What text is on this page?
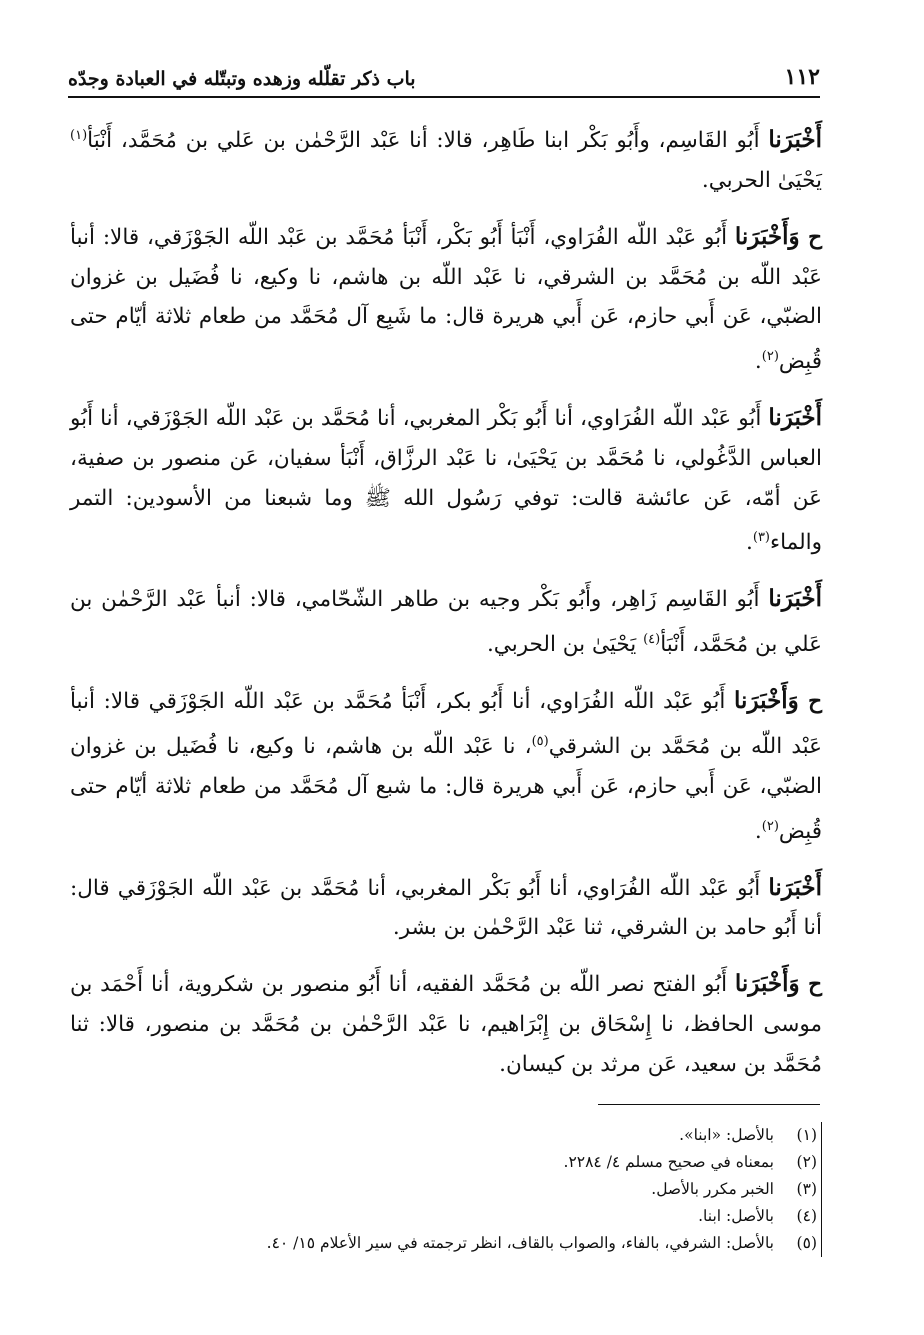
١١٢
باب ذكر تقلّله وزهده وتبتّله في العبادة وجدّه

أَخْبَرَنا أَبُو القَاسِم، وأَبُو بَكْر ابنا طَاهِر، قالا: أنا عَبْد الرَّحْمٰن بن عَلي بن مُحَمَّد، أَنْبَأ$^{(١)}$ يَحْيَىٰ الحربي.

ح وَأَخْبَرَنا أَبُو عَبْد اللّه الفُرَاوي، أَنْبَأ أَبُو بَكْر، أَنْبَأ مُحَمَّد بن عَبْد اللّه الجَوْزَقي، قالا: أنبأ عَبْد اللّه بن مُحَمَّد بن الشرقي، نا عَبْد اللّه بن هاشم، نا وكيع، نا فُضَيل بن غزوان الضبّي، عَن أَبي حازم، عَن أَبي هريرة قال: ما شَبِع آل مُحَمَّد من طعام ثلاثة أيّام حتى قُبِض$^{(٢)}$.

أَخْبَرَنا أَبُو عَبْد اللّه الفُرَاوي، أنا أَبُو بَكْر المغربي، أنا مُحَمَّد بن عَبْد اللّه الجَوْزَقي، أنا أَبُو العباس الدَّغُولي، نا مُحَمَّد بن يَحْيَىٰ، نا عَبْد الرزَّاق، أَنْبَأ سفيان، عَن منصور بن صفية، عَن أمّه، عَن عائشة قالت: توفي رَسُول الله ﷺ وما شبعنا من الأسودين: التمر والماء$^{(٣)}$.

أَخْبَرَنا أَبُو القَاسِم زَاهِر، وأَبُو بَكْر وجيه بن طاهر الشّحّامي، قالا: أنبأ عَبْد الرَّحْمٰن بن عَلي بن مُحَمَّد، أَنْبَأ$^{(٤)}$ يَحْيَىٰ بن الحربي.

ح وَأَخْبَرَنا أَبُو عَبْد اللّه الفُرَاوي، أنا أَبُو بكر، أَنْبَأ مُحَمَّد بن عَبْد اللّه الجَوْزَقي قالا: أنبأ عَبْد اللّه بن مُحَمَّد بن الشرقي$^{(٥)}$، نا عَبْد اللّه بن هاشم، نا وكيع، نا فُضَيل بن غزوان الضبّي، عَن أَبي حازم، عَن أَبي هريرة قال: ما شبع آل مُحَمَّد من طعام ثلاثة أيّام حتى قُبِض$^{(٢)}$.

أَخْبَرَنا أَبُو عَبْد اللّه الفُرَاوي، أنا أَبُو بَكْر المغربي، أنا مُحَمَّد بن عَبْد اللّه الجَوْزَقي قال: أنا أَبُو حامد بن الشرقي، ثنا عَبْد الرَّحْمٰن بن بشر.

ح وَأَخْبَرَنا أَبُو الفتح نصر اللّه بن مُحَمَّد الفقيه، أنا أَبُو منصور بن شكروية، أنا أَحْمَد بن موسى الحافظ، نا إِسْحَاق بن إِبْرَاهيم، نا عَبْد الرَّحْمٰن بن مُحَمَّد بن منصور، قالا: ثنا مُحَمَّد بن سعيد، عَن مرثد بن كيسان.

(١)
بالأصل: «ابنا».
(٢)
بمعناه في صحيح مسلم ٤/ ٢٢٨٤.
(٣)
الخبر مكرر بالأصل.
(٤)
بالأصل: ابنا.
(٥)
بالأصل: الشرفي، بالفاء، والصواب بالقاف، انظر ترجمته في سير الأعلام ١٥/ ٤٠.
